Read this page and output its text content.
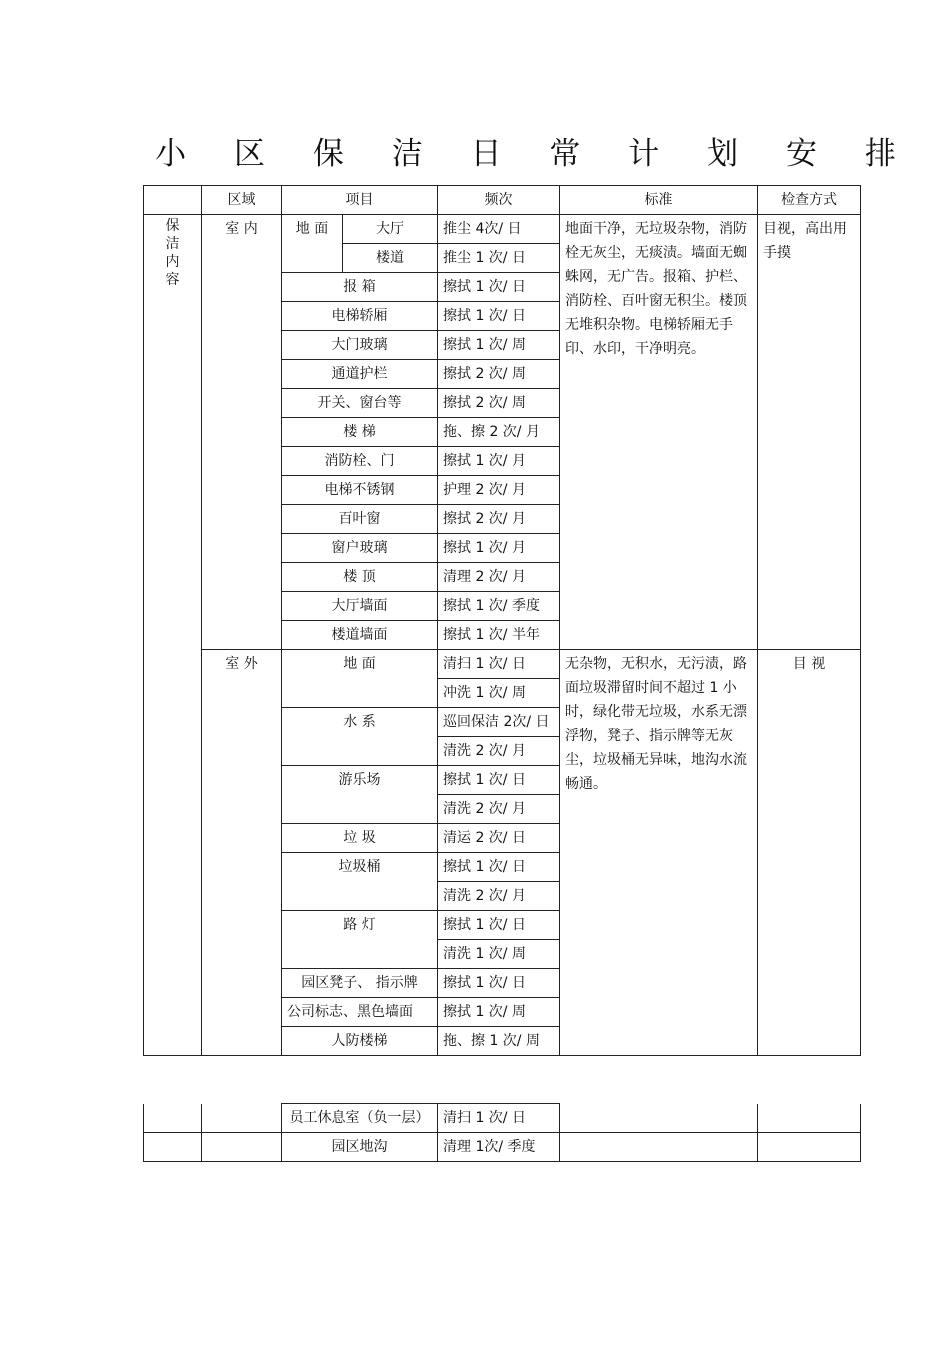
小 区 保 洁 日 常 计 划 安 排
	区域	项目		频次	标准	检查方式
保洁内容	室 内	地 面	大厅	推尘 4次/ 日	地面干净，无垃圾杂物，消防栓无灰尘，无痰渍。墙面无蜘蛛网，无广告。报箱、护栏、消防栓、百叶窗无积尘。楼顶无堆积杂物。电梯轿厢无手印、水印，干净明亮。	目视，高出用手摸
			楼道	推尘 1 次/ 日		
		报 箱		擦拭 1 次/ 日		
		电梯轿厢		擦拭 1 次/ 日		
		大门玻璃		擦拭 1 次/ 周		
		通道护栏		擦拭 2 次/ 周		
		开关、窗台等		擦拭 2 次/ 周		
		楼 梯		拖、擦 2 次/ 月		
		消防栓、门		擦拭 1 次/ 月		
		电梯不锈钢		护理 2 次/ 月		
		百叶窗		擦拭 2 次/ 月		
		窗户玻璃		擦拭 1 次/ 月		
		楼 顶		清理 2 次/ 月		
		大厅墙面		擦拭 1 次/ 季度		
		楼道墙面		擦拭 1 次/ 半年		
	室 外	地 面		清扫 1 次/ 日	无杂物，无积水，无污渍，路面垃圾滞留时间不超过 1 小时，绿化带无垃圾，水系无漂浮物，凳子、指示牌等无灰尘，垃圾桶无异味，地沟水流畅通。	目 视
				冲洗 1 次/ 周		
		水 系		巡回保洁 2次/ 日		
				清洗 2 次/ 月		
		游乐场		擦拭 1 次/ 日		
				清洗 2 次/ 月		
		垃 圾		清运 2 次/ 日		
		垃圾桶		擦拭 1 次/ 日		
				清洗 2 次/ 月		
		路 灯		擦拭 1 次/ 日		
				清洗 1 次/ 周		
		园区凳子、 指示牌		擦拭 1 次/ 日		
		公司标志、黑色墙面		擦拭 1 次/ 周		
		人防楼梯		拖、擦 1 次/ 周		
		员工休息室（负一层）	清扫 1 次/ 日		
		园区地沟	清理 1次/ 季度		
